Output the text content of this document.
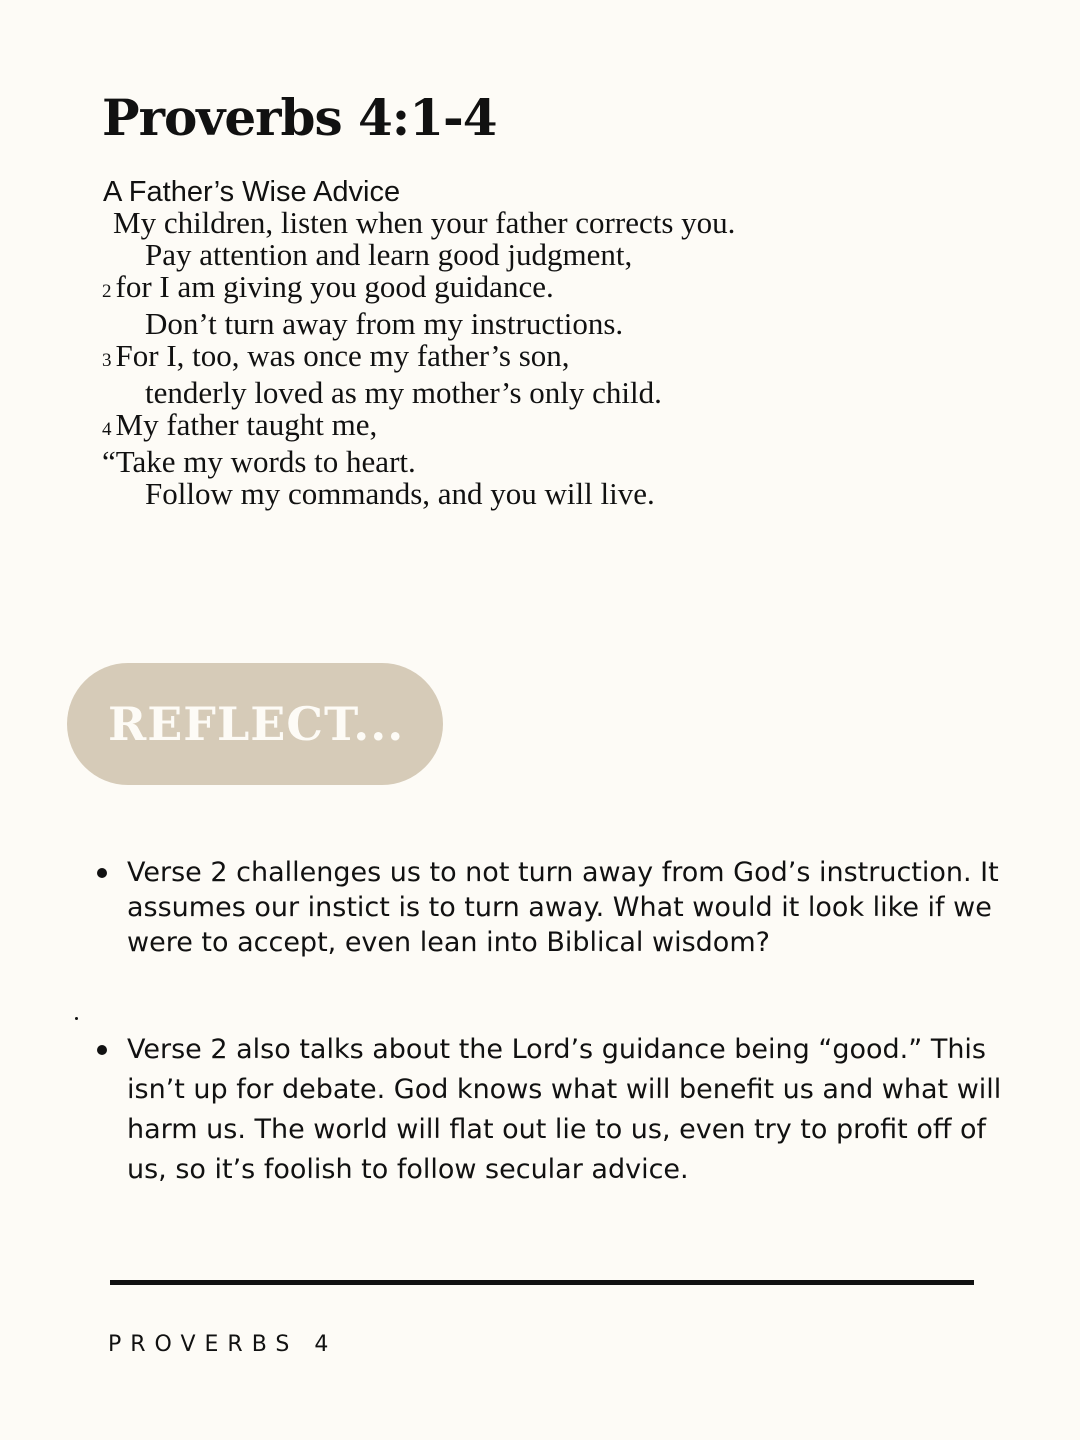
Proverbs 4:1-4
A Father’s Wise Advice
My children, listen when your father corrects you.
Pay attention and learn good judgment,
2 for I am giving you good guidance.
Don’t turn away from my instructions.
3 For I, too, was once my father’s son,
tenderly loved as my mother’s only child.
4 My father taught me,
“Take my words to heart.
Follow my commands, and you will live.
REFLECT...
Verse 2 challenges us to not turn away from God’s instruction. It assumes our instict is to turn away. What would it look like if we were to accept, even lean into Biblical wisdom?
Verse 2 also talks about the Lord’s guidance being “good.” This isn’t up for debate. God knows what will benefit us and what will harm us. The world will flat out lie to us, even try to profit off of us, so it’s foolish to follow secular advice.
PROVERBS 4
